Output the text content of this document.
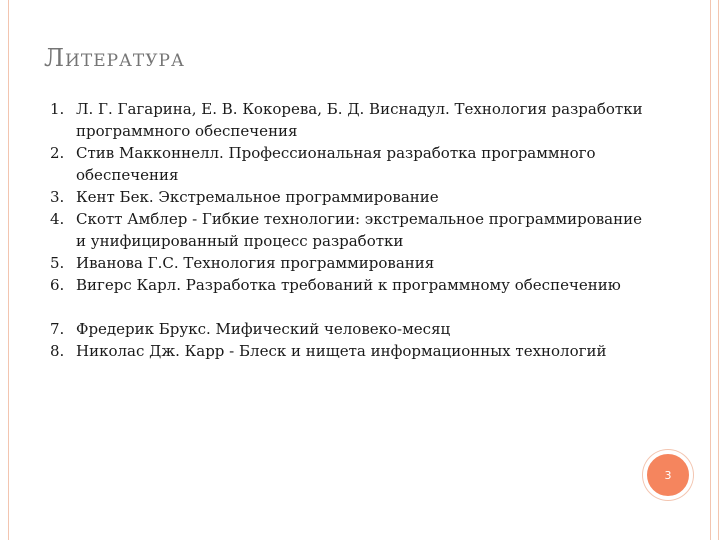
ЛИТЕРАТУРА
1. Л. Г. Гагарина, Е. В. Кокорева, Б. Д. Виснадул. Технология разработки программного обеспечения
2. Стив Макконнелл. Профессиональная разработка программного обеспечения
3. Кент Бек. Экстремальное программирование
4. Скотт Амблер - Гибкие технологии: экстремальное программирование и унифицированный процесс разработки
5. Иванова Г.С. Технология программирования
6. Вигерс Карл. Разработка требований к программному обеспечению
7. Фредерик Брукс. Мифический человеко-месяц
8. Николас Дж. Карр - Блеск и нищета информационных технологий
3
